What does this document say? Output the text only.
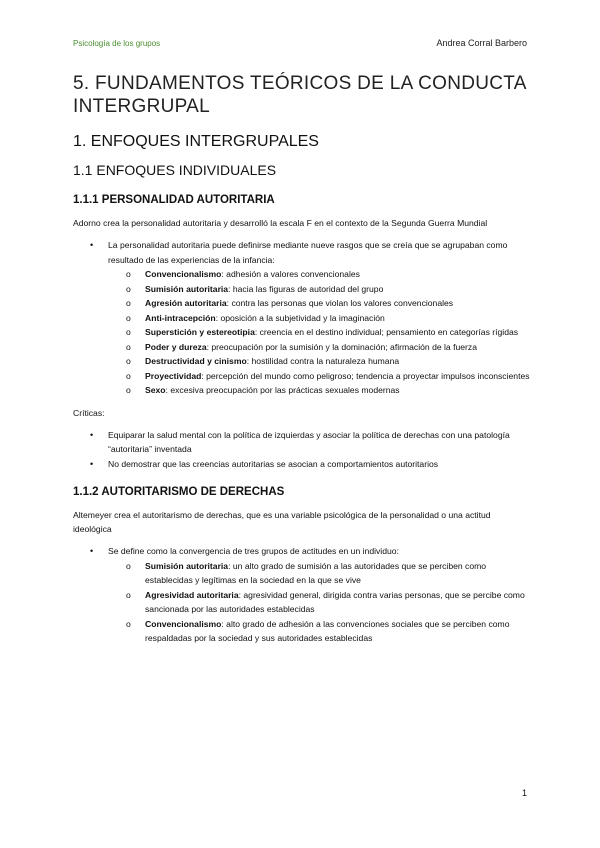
Psicología de los grupos	Andrea Corral Barbero
5. FUNDAMENTOS TEÓRICOS DE LA CONDUCTA INTERGRUPAL
1. ENFOQUES INTERGRUPALES
1.1 ENFOQUES INDIVIDUALES
1.1.1 PERSONALIDAD AUTORITARIA

Adorno crea la personalidad autoritaria y desarrolló la escala F en el contexto de la Segunda Guerra Mundial

• La personalidad autoritaria puede definirse mediante nueve rasgos que se creía que se agrupaban como resultado de las experiencias de la infancia:
o Convencionalismo: adhesión a valores convencionales
o Sumisión autoritaria: hacia las figuras de autoridad del grupo
o Agresión autoritaria: contra las personas que violan los valores convencionales
o Anti-intracepción: oposición a la subjetividad y la imaginación
o Superstición y estereotipia: creencia en el destino individual; pensamiento en categorías rígidas
o Poder y dureza: preocupación por la sumisión y la dominación; afirmación de la fuerza
o Destructividad y cinismo: hostilidad contra la naturaleza humana
o Proyectividad: percepción del mundo como peligroso; tendencia a proyectar impulsos inconscientes
o Sexo: excesiva preocupación por las prácticas sexuales modernas

Críticas:

• Equiparar la salud mental con la política de izquierdas y asociar la política de derechas con una patología “autoritaria” inventada
• No demostrar que las creencias autoritarias se asocian a comportamientos autoritarios
1.1.2 AUTORITARISMO DE DERECHAS

Altemeyer crea el autoritarismo de derechas, que es una variable psicológica de la personalidad o una actitud ideológica

• Se define como la convergencia de tres grupos de actitudes en un individuo:
o Sumisión autoritaria: un alto grado de sumisión a las autoridades que se perciben como establecidas y legítimas en la sociedad en la que se vive
o Agresividad autoritaria: agresividad general, dirigida contra varias personas, que se percibe como sancionada por las autoridades establecidas
o Convencionalismo: alto grado de adhesión a las convenciones sociales que se perciben como respaldadas por la sociedad y sus autoridades establecidas
1
